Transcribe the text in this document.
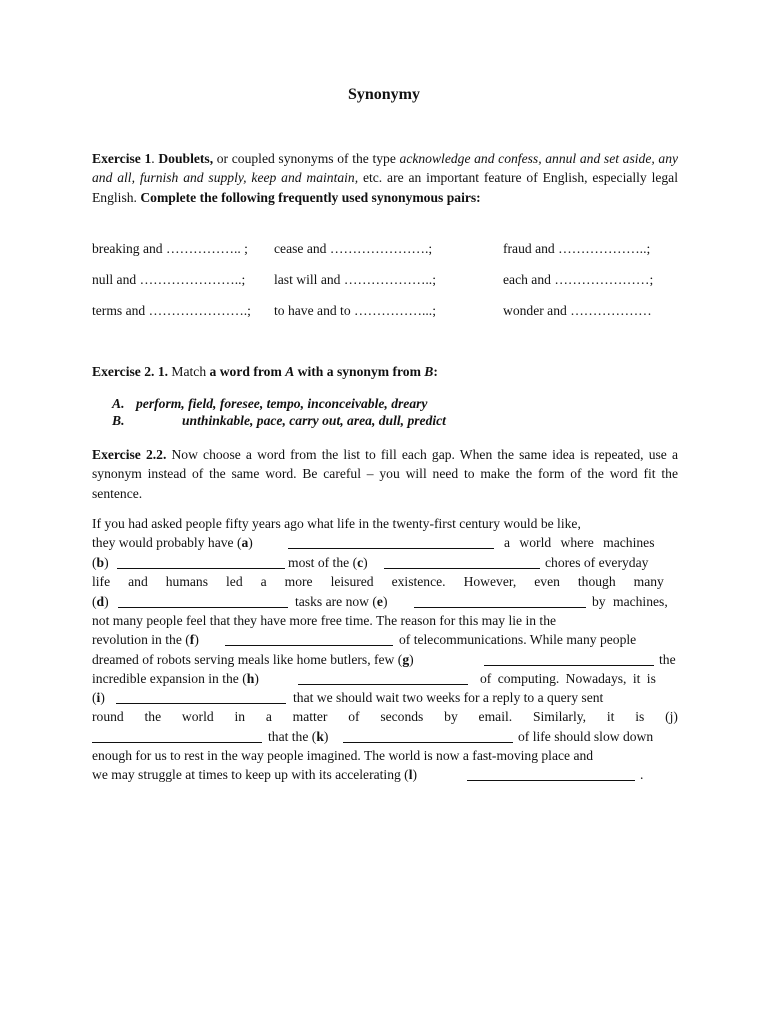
Synonymy
Exercise 1. Doublets, or coupled synonyms of the type acknowledge and confess, annul and set aside, any and all, furnish and supply, keep and maintain, etc. are an important feature of English, especially legal English. Complete the following frequently used synonymous pairs:
breaking and …………….. ; cease and ………………….;	fraud and ………………..;
null and …………………..; last will and ………………..;	each and …………………;
terms and ………………….; to have and to ……………...;	wonder and ………………
Exercise 2. 1. Match a word from A with a synonym from B:
A. perform, field, foresee, tempo, inconceivable, dreary
B.	unthinkable, pace, carry out, area, dull, predict
Exercise 2.2. Now choose a word from the list to fill each gap. When the same idea is repeated, use a synonym instead of the same word. Be careful – you will need to make the form of the word fit the sentence.
If you had asked people fifty years ago what life in the twenty-first century would be like,
they would probably have (a)	a world where machines
(b)	most of the (c)	chores of everyday
life and humans led a more leisured existence. However, even though many
(d)	tasks are now (e)	by machines,
not many people feel that they have more free time. The reason for this may lie in the
revolution in the (f)	of telecommunications. While many people
dreamed of robots serving meals like home butlers, few (g)	the
incredible expansion in the (h)	of computing. Nowadays, it is
(i)	that we should wait two weeks for a reply to a query sent
round the world in a matter of seconds by email. Similarly, it is (j)
that the (k)	of life should slow down
enough for us to rest in the way people imagined. The world is now a fast-moving place and
we may struggle at times to keep up with its accelerating (l)	.
